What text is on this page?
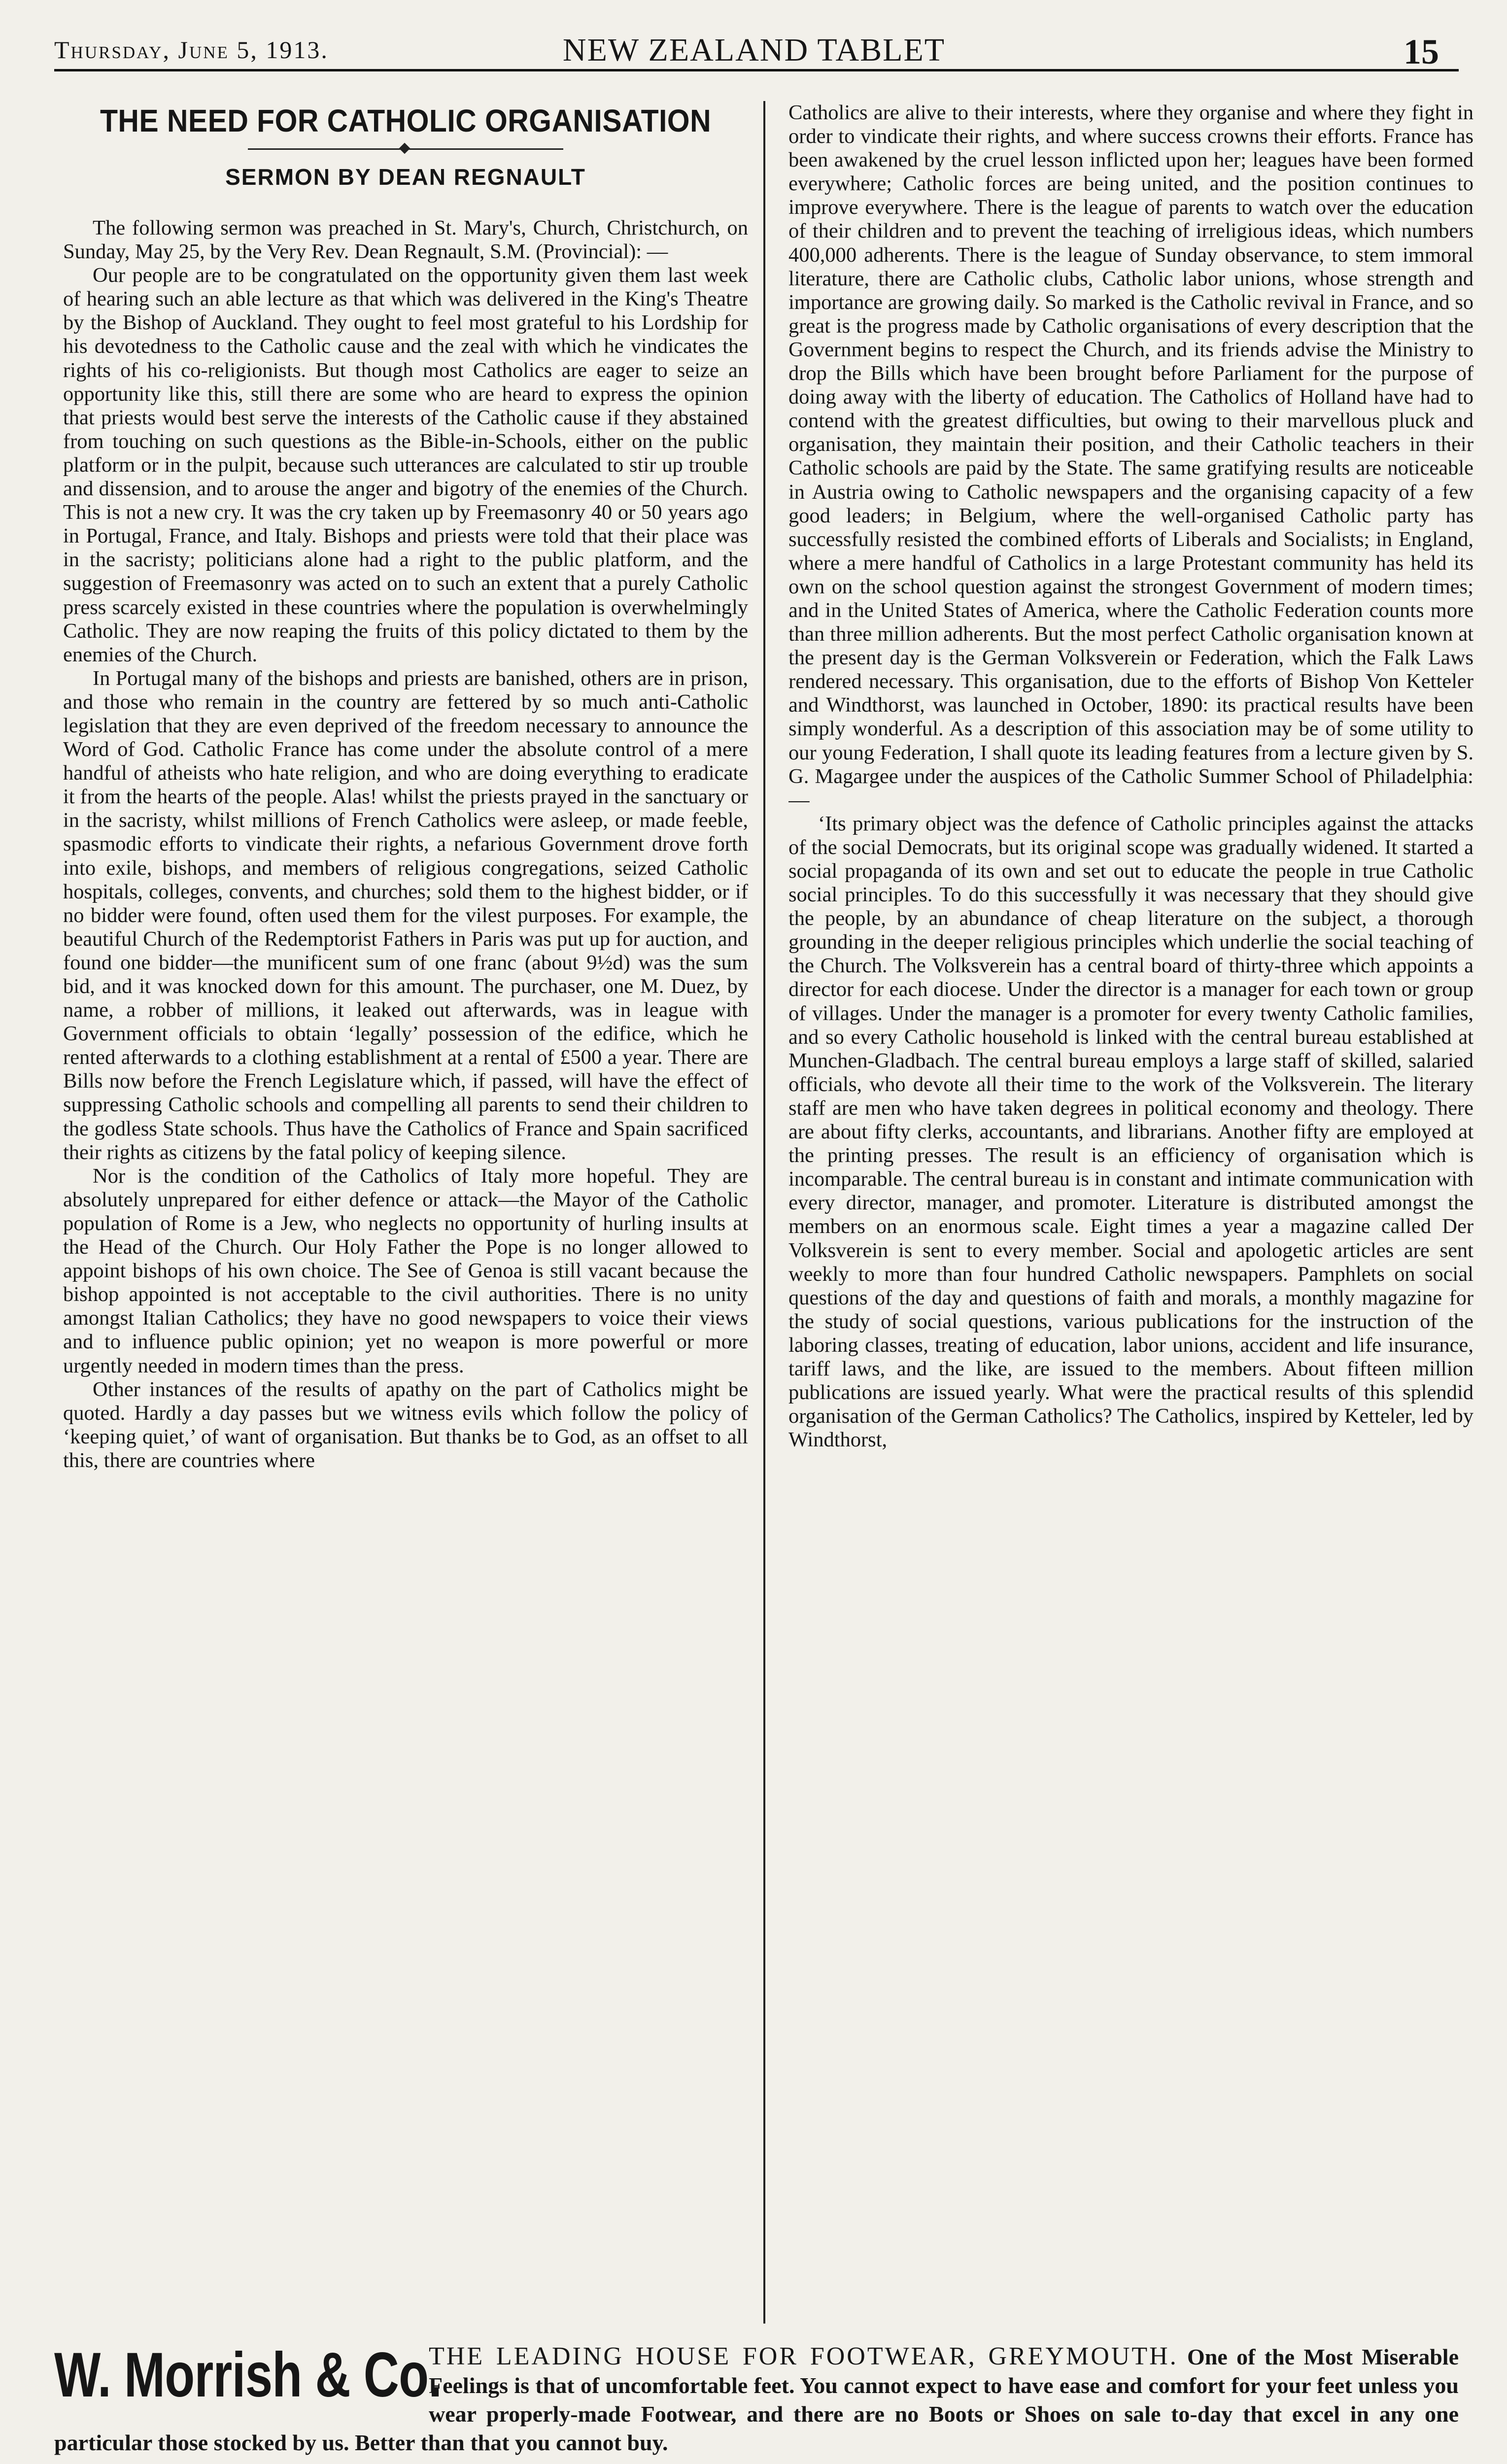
Thursday, June 5, 1913.	NEW ZEALAND TABLET	15
THE NEED FOR CATHOLIC ORGANISATION
SERMON BY DEAN REGNAULT

The following sermon was preached in St. Mary's, Church, Christchurch, on Sunday, May 25, by the Very Rev. Dean Regnault, S.M. (Provincial): —

Our people are to be congratulated on the opportunity given them last week of hearing such an able lecture as that which was delivered in the King's Theatre by the Bishop of Auckland. They ought to feel most grateful to his Lordship for his devotedness to the Catholic cause and the zeal with which he vindicates the rights of his co-religionists. But though most Catholics are eager to seize an opportunity like this, still there are some who are heard to express the opinion that priests would best serve the interests of the Catholic cause if they abstained from touching on such questions as the Bible-in-Schools, either on the public platform or in the pulpit, because such utterances are calculated to stir up trouble and dissension, and to arouse the anger and bigotry of the enemies of the Church. This is not a new cry. It was the cry taken up by Freemasonry 40 or 50 years ago in Portugal, France, and Italy. Bishops and priests were told that their place was in the sacristy; politicians alone had a right to the public platform, and the suggestion of Freemasonry was acted on to such an extent that a purely Catholic press scarcely existed in these countries where the population is overwhelmingly Catholic. They are now reaping the fruits of this policy dictated to them by the enemies of the Church.

In Portugal many of the bishops and priests are banished, others are in prison, and those who remain in the country are fettered by so much anti-Catholic legislation that they are even deprived of the freedom necessary to announce the Word of God. Catholic France has come under the absolute control of a mere handful of atheists who hate religion, and who are doing everything to eradicate it from the hearts of the people. Alas! whilst the priests prayed in the sanctuary or in the sacristy, whilst millions of French Catholics were asleep, or made feeble, spasmodic efforts to vindicate their rights, a nefarious Government drove forth into exile, bishops, and members of religious congregations, seized Catholic hospitals, colleges, convents, and churches; sold them to the highest bidder, or if no bidder were found, often used them for the vilest purposes. For example, the beautiful Church of the Redemptorist Fathers in Paris was put up for auction, and found one bidder—the munificent sum of one franc (about 9½d) was the sum bid, and it was knocked down for this amount. The purchaser, one M. Duez, by name, a robber of millions, it leaked out afterwards, was in league with Government officials to obtain ‘legally’ possession of the edifice, which he rented afterwards to a clothing establishment at a rental of £500 a year. There are Bills now before the French Legislature which, if passed, will have the effect of suppressing Catholic schools and compelling all parents to send their children to the godless State schools. Thus have the Catholics of France and Spain sacrificed their rights as citizens by the fatal policy of keeping silence.

Nor is the condition of the Catholics of Italy more hopeful. They are absolutely unprepared for either defence or attack—the Mayor of the Catholic population of Rome is a Jew, who neglects no opportunity of hurling insults at the Head of the Church. Our Holy Father the Pope is no longer allowed to appoint bishops of his own choice. The See of Genoa is still vacant because the bishop appointed is not acceptable to the civil authorities. There is no unity amongst Italian Catholics; they have no good newspapers to voice their views and to influence public opinion; yet no weapon is more powerful or more urgently needed in modern times than the press.

Other instances of the results of apathy on the part of Catholics might be quoted. Hardly a day passes but we witness evils which follow the policy of ‘keeping quiet,’ of want of organisation. But thanks be to God, as an offset to all this, there are countries where

Catholics are alive to their interests, where they organise and where they fight in order to vindicate their rights, and where success crowns their efforts. France has been awakened by the cruel lesson inflicted upon her; leagues have been formed everywhere; Catholic forces are being united, and the position continues to improve everywhere. There is the league of parents to watch over the education of their children and to prevent the teaching of irreligious ideas, which numbers 400,000 adherents. There is the league of Sunday observance, to stem immoral literature, there are Catholic clubs, Catholic labor unions, whose strength and importance are growing daily. So marked is the Catholic revival in France, and so great is the progress made by Catholic organisations of every description that the Government begins to respect the Church, and its friends advise the Ministry to drop the Bills which have been brought before Parliament for the purpose of doing away with the liberty of education. The Catholics of Holland have had to contend with the greatest difficulties, but owing to their marvellous pluck and organisation, they maintain their position, and their Catholic teachers in their Catholic schools are paid by the State. The same gratifying results are noticeable in Austria owing to Catholic newspapers and the organising capacity of a few good leaders; in Belgium, where the well-organised Catholic party has successfully resisted the combined efforts of Liberals and Socialists; in England, where a mere handful of Catholics in a large Protestant community has held its own on the school question against the strongest Government of modern times; and in the United States of America, where the Catholic Federation counts more than three million adherents. But the most perfect Catholic organisation known at the present day is the German Volksverein or Federation, which the Falk Laws rendered necessary. This organisation, due to the efforts of Bishop Von Ketteler and Windthorst, was launched in October, 1890: its practical results have been simply wonderful. As a description of this association may be of some utility to our young Federation, I shall quote its leading features from a lecture given by S. G. Magargee under the auspices of the Catholic Summer School of Philadelphia: —

‘Its primary object was the defence of Catholic principles against the attacks of the social Democrats, but its original scope was gradually widened. It started a social propaganda of its own and set out to educate the people in true Catholic social principles. To do this successfully it was necessary that they should give the people, by an abundance of cheap literature on the subject, a thorough grounding in the deeper religious principles which underlie the social teaching of the Church. The Volksverein has a central board of thirty-three which appoints a director for each diocese. Under the director is a manager for each town or group of villages. Under the manager is a promoter for every twenty Catholic families, and so every Catholic household is linked with the central bureau established at Munchen-Gladbach. The central bureau employs a large staff of skilled, salaried officials, who devote all their time to the work of the Volksverein. The literary staff are men who have taken degrees in political economy and theology. There are about fifty clerks, accountants, and librarians. Another fifty are employed at the printing presses. The result is an efficiency of organisation which is incomparable. The central bureau is in constant and intimate communication with every director, manager, and promoter. Literature is distributed amongst the members on an enormous scale. Eight times a year a magazine called Der Volksverein is sent to every member. Social and apologetic articles are sent weekly to more than four hundred Catholic newspapers. Pamphlets on social questions of the day and questions of faith and morals, a monthly magazine for the study of social questions, various publications for the instruction of the laboring classes, treating of education, labor unions, accident and life insurance, tariff laws, and the like, are issued to the members. About fifteen million publications are issued yearly. What were the practical results of this splendid organisation of the German Catholics? The Catholics, inspired by Ketteler, led by Windthorst,

THE LEADING HOUSE FOR FOOTWEAR, GREYMOUTH. One of the Most Miserable Feelings is that of uncomfortable feet. You cannot expect to have ease and comfort for your feet unless you wear properly-made Footwear, and there are no Boots or Shoes on sale to-day that excel in any one particular those stocked by us. Better than that you cannot buy.
W. Morrish & Co.
